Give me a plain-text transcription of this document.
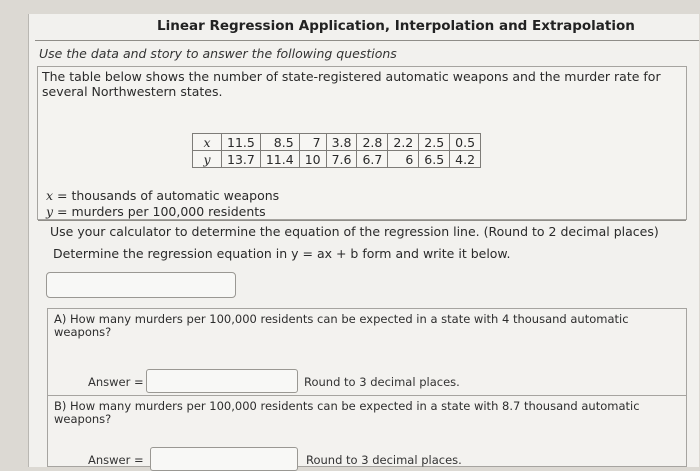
Linear Regression Application, Interpolation and Extrapolation
Use the data and story to answer the following questions
The table below shows the number of state-registered automatic weapons and the murder rate for several Northwestern states.
x	11.5	8.5	7	3.8	2.8	2.2	2.5	0.5
y	13.7	11.4	10	7.6	6.7	6	6.5	4.2
x = thousands of automatic weapons
y = murders per 100,000 residents
Use your calculator to determine the equation of the regression line. (Round to 2 decimal places)
Determine the regression equation in y = ax + b form and write it below.
A) How many murders per 100,000 residents can be expected in a state with 4 thousand automatic weapons?
Answer =	Round to 3 decimal places.
B) How many murders per 100,000 residents can be expected in a state with 8.7 thousand automatic weapons?
Answer =	Round to 3 decimal places.
